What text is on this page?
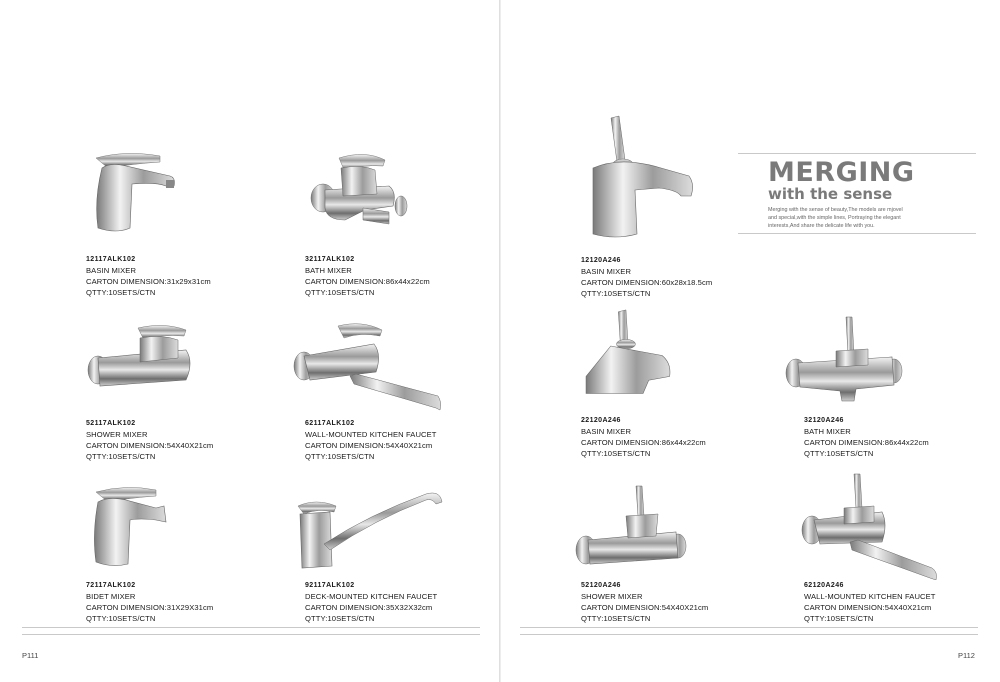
12117ALK102
BASIN MIXER
CARTON DIMENSION:31x29x31cm
QTTY:10SETS/CTN
32117ALK102
BATH MIXER
CARTON DIMENSION:86x44x22cm
QTTY:10SETS/CTN
52117ALK102
SHOWER MIXER
CARTON DIMENSION:54X40X21cm
QTTY:10SETS/CTN
62117ALK102
WALL-MOUNTED KITCHEN FAUCET
CARTON DIMENSION:54X40X21cm
QTTY:10SETS/CTN
72117ALK102
BIDET MIXER
CARTON DIMENSION:31X29X31cm
QTTY:10SETS/CTN
92117ALK102
DECK-MOUNTED KITCHEN FAUCET
CARTON DIMENSION:35X32X32cm
QTTY:10SETS/CTN
P111
MERGING
with the sense
Merging with the sense of beauty,The models are mjovel
and special,with the simple lines, Portraying the elegant
interests,And share the delicate life with you.
12120A246
BASIN MIXER
CARTON DIMENSION:60x28x18.5cm
QTTY:10SETS/CTN
22120A246
BASIN MIXER
CARTON DIMENSION:86x44x22cm
QTTY:10SETS/CTN
32120A246
BATH MIXER
CARTON DIMENSION:86x44x22cm
QTTY:10SETS/CTN
52120A246
SHOWER MIXER
CARTON DIMENSION:54X40X21cm
QTTY:10SETS/CTN
62120A246
WALL-MOUNTED KITCHEN FAUCET
CARTON DIMENSION:54X40X21cm
QTTY:10SETS/CTN
P112
